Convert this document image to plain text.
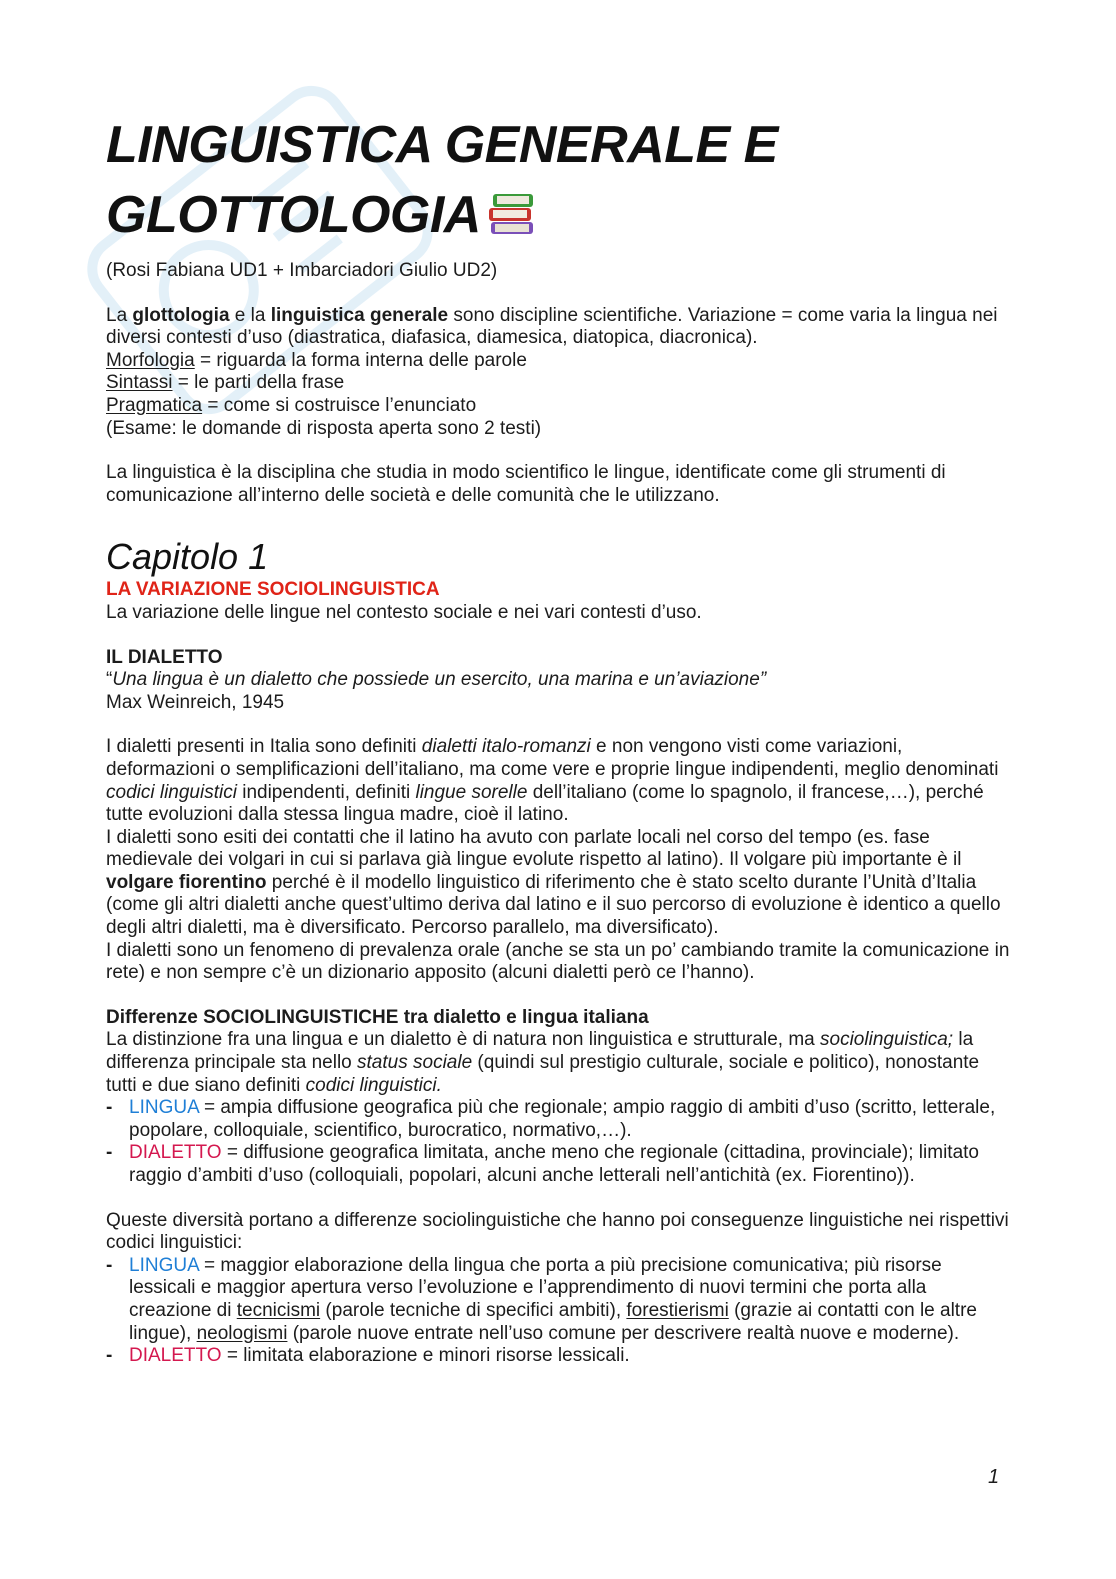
LINGUISTICA GENERALE E
GLOTTOLOGIA

(Rosi Fabiana UD1 + Imbarciadori Giulio UD2)

La glottologia e la linguistica generale sono discipline scientifiche. Variazione = come varia la lingua nei diversi contesti d’uso (diastratica, diafasica, diamesica, diatopica, diacronica).

Morfologia = riguarda la forma interna delle parole

Sintassi = le parti della frase

Pragmatica = come si costruisce l’enunciato

(Esame: le domande di risposta aperta sono 2 testi)

La linguistica è la disciplina che studia in modo scientifico le lingue, identificate come gli strumenti di comunicazione all’interno delle società e delle comunità che le utilizzano.

Capitolo 1

LA VARIAZIONE SOCIOLINGUISTICA

La variazione delle lingue nel contesto sociale e nei vari contesti d’uso.

IL DIALETTO

“Una lingua è un dialetto che possiede un esercito, una marina e un’aviazione”

Max Weinreich, 1945

I dialetti presenti in Italia sono definiti dialetti italo-romanzi e non vengono visti come variazioni, deformazioni o semplificazioni dell’italiano, ma come vere e proprie lingue indipendenti, meglio denominati codici linguistici indipendenti, definiti lingue sorelle dell’italiano (come lo spagnolo, il francese,…), perché tutte evoluzioni dalla stessa lingua madre, cioè il latino.

I dialetti sono esiti dei contatti che il latino ha avuto con parlate locali nel corso del tempo (es. fase medievale dei volgari in cui si parlava già lingue evolute rispetto al latino). Il volgare più importante è il volgare fiorentino perché è il modello linguistico di riferimento che è stato scelto durante l’Unità d’Italia (come gli altri dialetti anche quest’ultimo deriva dal latino e il suo percorso di evoluzione è identico a quello degli altri dialetti, ma è diversificato. Percorso parallelo, ma diversificato).

I dialetti sono un fenomeno di prevalenza orale (anche se sta un po’ cambiando tramite la comunicazione in rete) e non sempre c’è un dizionario apposito (alcuni dialetti però ce l’hanno).

Differenze SOCIOLINGUISTICHE tra dialetto e lingua italiana

La distinzione fra una lingua e un dialetto è di natura non linguistica e strutturale, ma sociolinguistica; la differenza principale sta nello status sociale (quindi sul prestigio culturale, sociale e politico), nonostante tutti e due siano definiti codici linguistici.

- LINGUA = ampia diffusione geografica più che regionale; ampio raggio di ambiti d’uso (scritto, letterale, popolare, colloquiale, scientifico, burocratico, normativo,…).
- DIALETTO = diffusione geografica limitata, anche meno che regionale (cittadina, provinciale); limitato raggio d’ambiti d’uso (colloquiali, popolari, alcuni anche letterali nell’antichità (ex. Fiorentino)).

Queste diversità portano a differenze sociolinguistiche che hanno poi conseguenze linguistiche nei rispettivi codici linguistici:

- LINGUA = maggior elaborazione della lingua che porta a più precisione comunicativa; più risorse lessicali e maggior apertura verso l’evoluzione e l’apprendimento di nuovi termini che porta alla creazione di tecnicismi (parole tecniche di specifici ambiti), forestierismi (grazie ai contatti con le altre lingue), neologismi (parole nuove entrate nell’uso comune per descrivere realtà nuove e moderne).
- DIALETTO = limitata elaborazione e minori risorse lessicali.
1
